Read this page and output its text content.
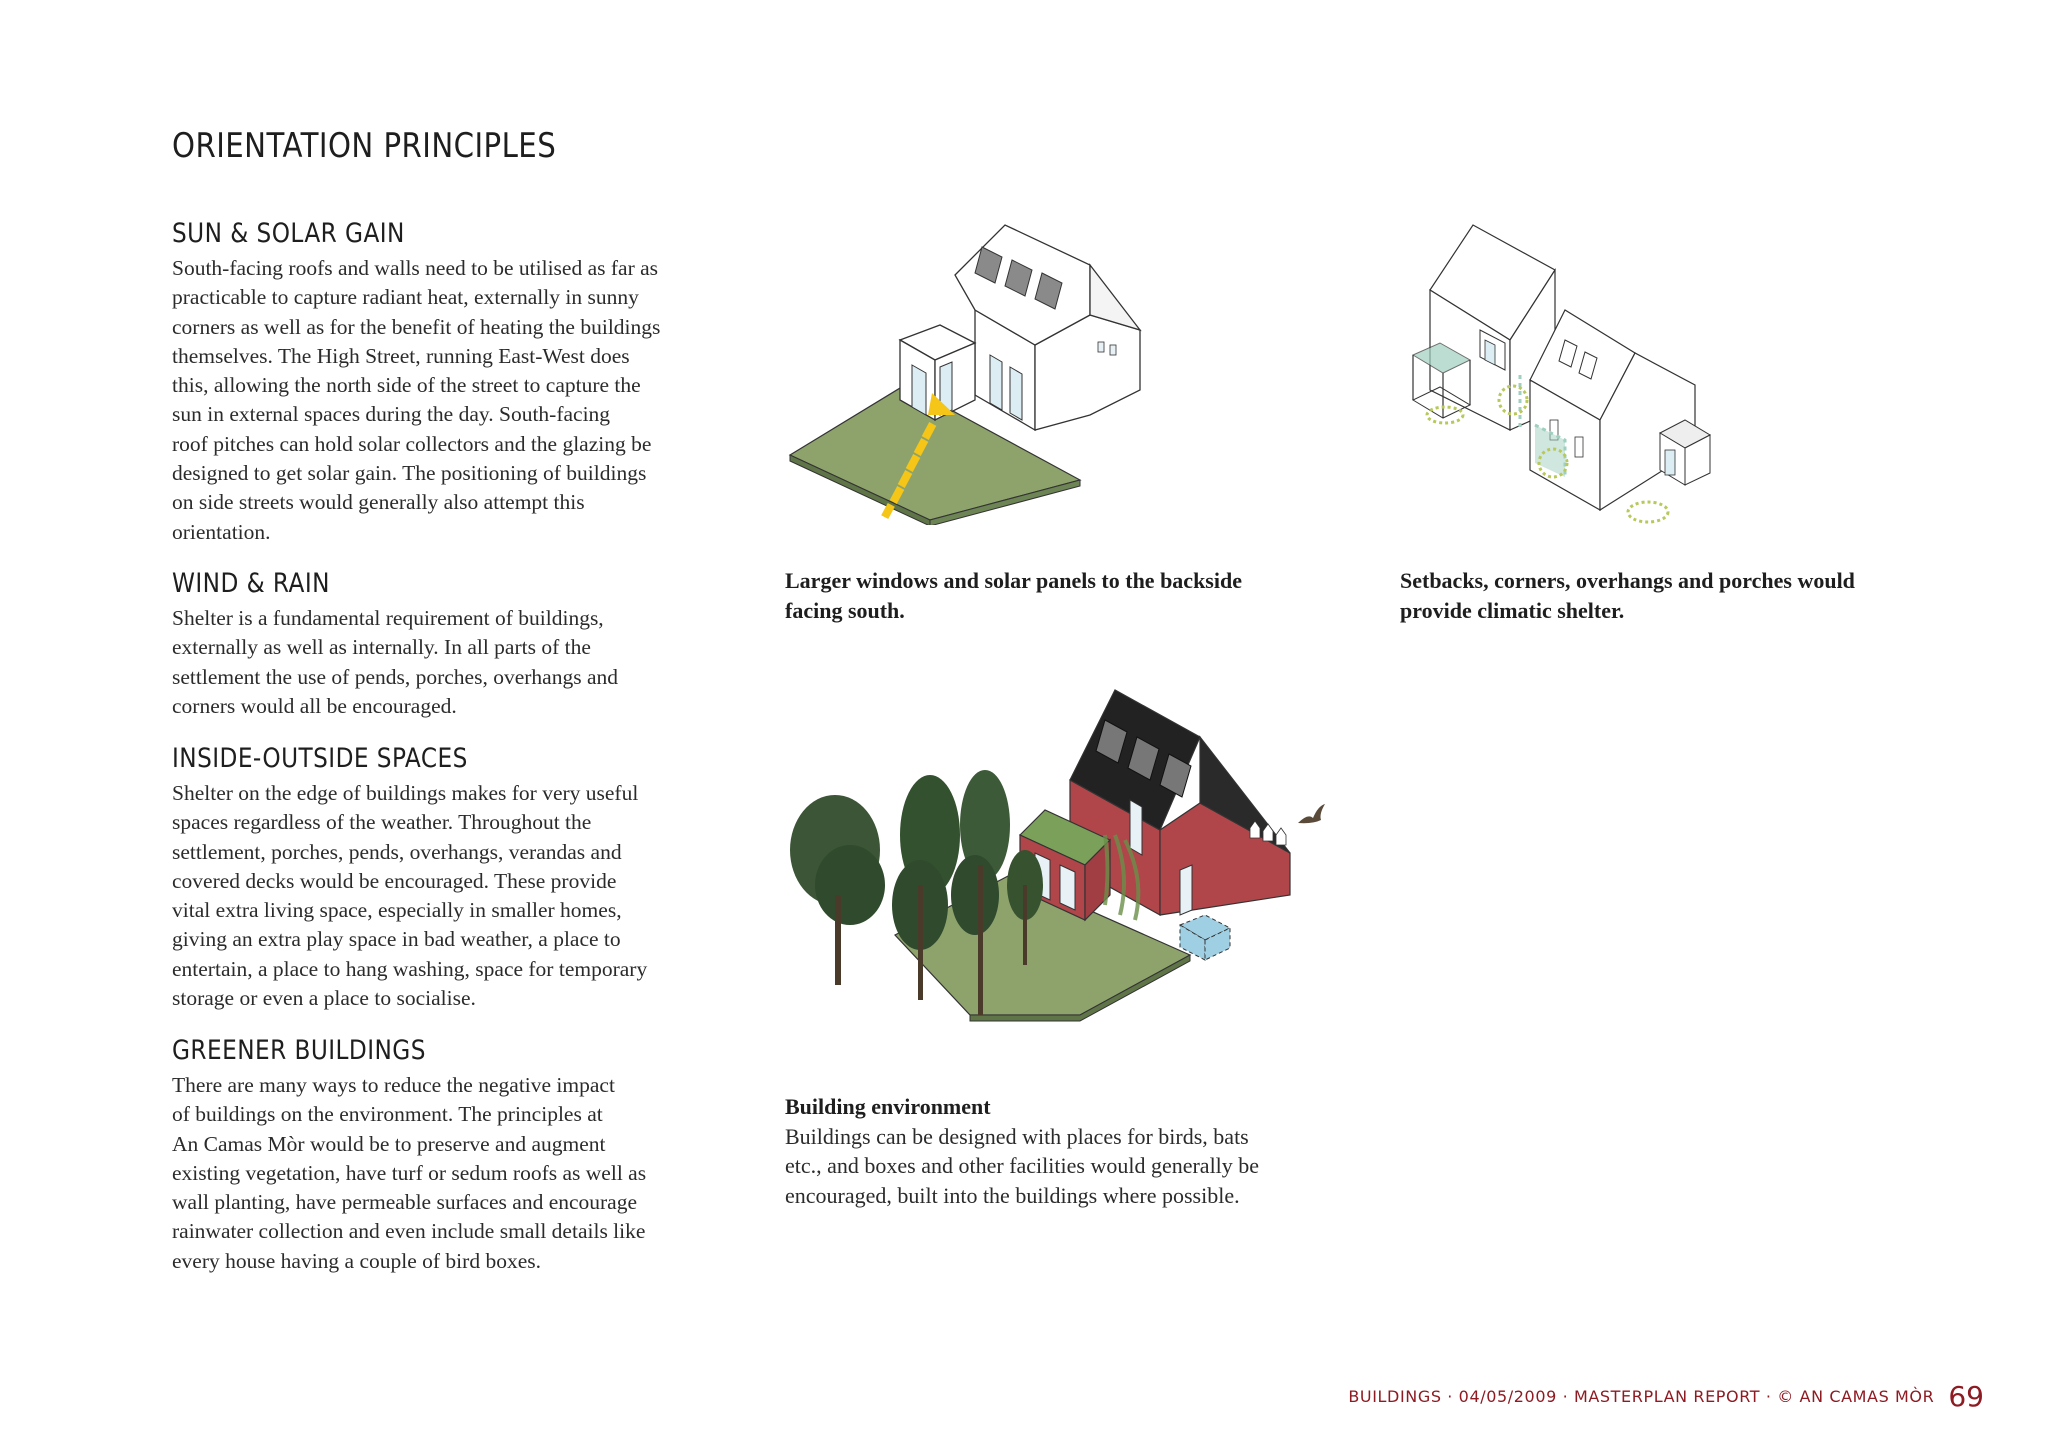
ORIENTATION PRINCIPLES
SUN & SOLAR GAIN

South-facing roofs and walls need to be utilised as far as
practicable to capture radiant heat, externally in sunny
corners as well as for the benefit of heating the buildings
themselves. The High Street, running East-West does
this, allowing the north side of the street to capture the
sun in external spaces during the day. South-facing
roof pitches can hold solar collectors and the glazing be
designed to get solar gain. The positioning of buildings
on side streets would generally also attempt this
orientation.

WIND & RAIN

Shelter is a fundamental requirement of buildings,
externally as well as internally. In all parts of the
settlement the use of pends, porches, overhangs and
corners would all be encouraged.

INSIDE-OUTSIDE SPACES

Shelter on the edge of buildings makes for very useful
spaces regardless of the weather. Throughout the
settlement, porches, pends, overhangs, verandas and
covered decks would be encouraged. These provide
vital extra living space, especially in smaller homes,
giving an extra play space in bad weather, a place to
entertain, a place to hang washing, space for temporary
storage or even a place to socialise.

GREENER BUILDINGS

There are many ways to reduce the negative impact
of buildings on the environment. The principles at
An Camas Mòr would be to preserve and augment
existing vegetation, have turf or sedum roofs as well as
wall planting, have permeable surfaces and encourage
rainwater collection and even include small details like
every house having a couple of bird boxes.

Larger windows and solar panels to the backside
facing south.

Setbacks, corners, overhangs and porches would
provide climatic shelter.

Building environment
Buildings can be designed with places for birds, bats
etc., and boxes and other facilities would generally be
encouraged, built into the buildings where possible.

BUILDINGS · 04/05/2009 · MASTERPLAN REPORT · © AN CAMAS MÒR 69
